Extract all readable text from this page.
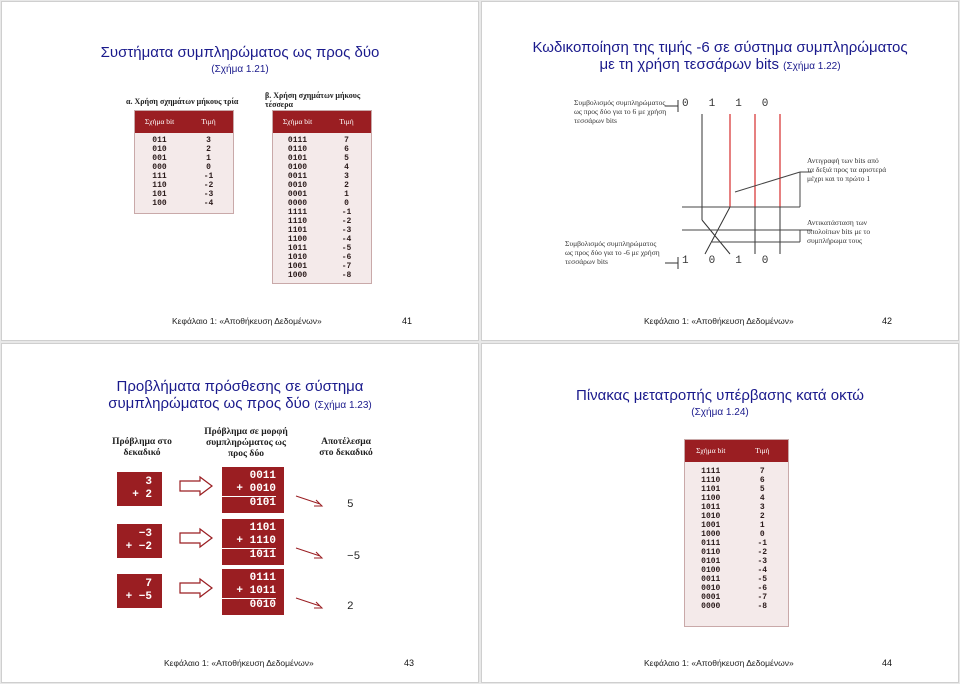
Συστήματα συμπληρώματος ως προς δύο
(Σχήμα 1.21)
α. Χρήση σχημάτων μήκους τρία
β. Χρήση σχημάτων μήκους τέσσερα
Σχήμα bit	Τιμή
011	3
010	2
001	1
000	0
111	-1
110	-2
101	-3
100	-4
Σχήμα bit	Τιμή
0111	7
0110	6
0101	5
0100	4
0011	3
0010	2
0001	1
0000	0
1111	-1
1110	-2
1101	-3
1100	-4
1011	-5
1010	-6
1001	-7
1000	-8
Κεφάλαιο 1: «Αποθήκευση Δεδομένων»	41
Κωδικοποίηση της τιμής -6 σε σύστημα συμπληρώματος
με τη χρήση τεσσάρων bits (Σχήμα 1.22)
Συμβολισμός συμπληρώματος ως προς δύο για το 6 με χρήση τεσσάρων bits
0110
Αντιγραφή των bits από τα δεξιά προς τα αριστερά μέχρι και το πρώτο 1
Αντικατάσταση των υπολοίπων bits με το συμπλήρωμα τους
Συμβολισμός συμπληρώματος ως προς δύο για το -6 με χρήση τεσσάρων bits	1010
Κεφάλαιο 1: «Αποθήκευση Δεδομένων»	42
Προβλήματα πρόσθεσης σε σύστημα
συμπληρώματος ως προς δύο (Σχήμα 1.23)
Πρόβλημα στο δεκαδικό
Πρόβλημα σε μορφή συμπληρώματος ως προς δύο
Αποτέλεσμα στο δεκαδικό
3
+ 2
0011
+ 0010
0101	5
−3
+ −2
1101
+ 1110
1011	−5
7
+ −5
0111
+ 1011
0010	2
Κεφάλαιο 1: «Αποθήκευση Δεδομένων»	43
Πίνακας μετατροπής υπέρβασης κατά οκτώ
(Σχήμα 1.24)
Σχήμα bit	Τιμή
1111	7
1110	6
1101	5
1100	4
1011	3
1010	2
1001	1
1000	0
0111	-1
0110	-2
0101	-3
0100	-4
0011	-5
0010	-6
0001	-7
0000	-8
Κεφάλαιο 1: «Αποθήκευση Δεδομένων»	44
